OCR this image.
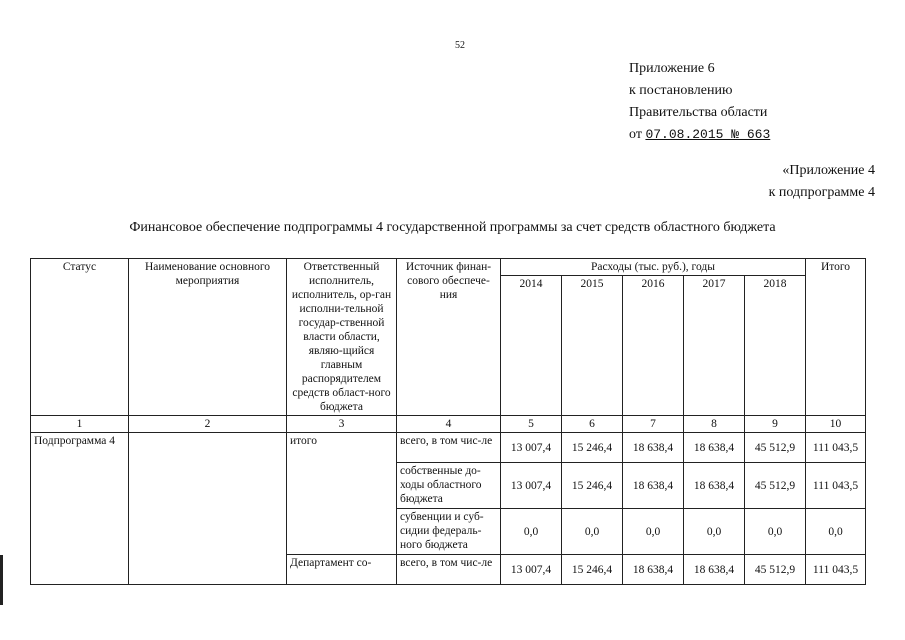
52
Приложение 6
к постановлению
Правительства области
от 07.08.2015 № 663
«Приложение 4
к подпрограмме 4
Финансовое обеспечение подпрограммы 4 государственной программы за счет средств областного бюджета
Статус	Наименование основного мероприятия	Ответственный исполнитель, исполнитель, ор-ган исполни-тельной государ-ственной власти области, являю-щийся главным распорядителем средств област-ного бюджета	Источник финан-сового обеспече-ния	Расходы (тыс. руб.), годы					Итого
				2014	2015	2016	2017	2018	
1	2	3	4	5	6	7	8	9	10
Подпрограмма 4		итого	всего, в том чис-ле	13 007,4	15 246,4	18 638,4	18 638,4	45 512,9	111 043,5
			собственные до-ходы областного бюджета	13 007,4	15 246,4	18 638,4	18 638,4	45 512,9	111 043,5
			субвенции и суб-сидии федераль-ного бюджета	0,0	0,0	0,0	0,0	0,0	0,0
		Департамент со-	всего, в том чис-ле	13 007,4	15 246,4	18 638,4	18 638,4	45 512,9	111 043,5
